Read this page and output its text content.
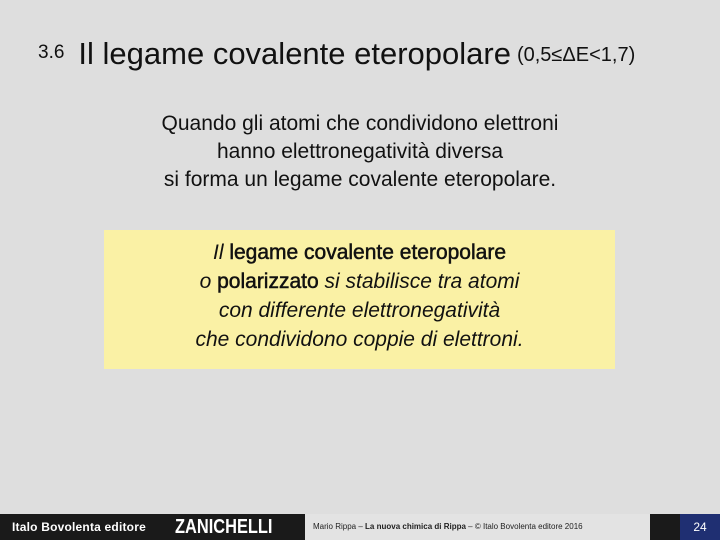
3.6 Il legame covalente eteropolare (0,5≤ΔE<1,7)
Quando gli atomi che condividono elettroni
hanno elettronegatività diversa
si forma un legame covalente eteropolare.
Il legame covalente eteropolare
o polarizzato si stabilisce tra atomi
con differente elettronegatività
che condividono coppie di elettroni.
Italo Bovolenta editore ZANICHELLI	Mario Rippa – La nuova chimica di Rippa – © Italo Bovolenta editore 2016	24
